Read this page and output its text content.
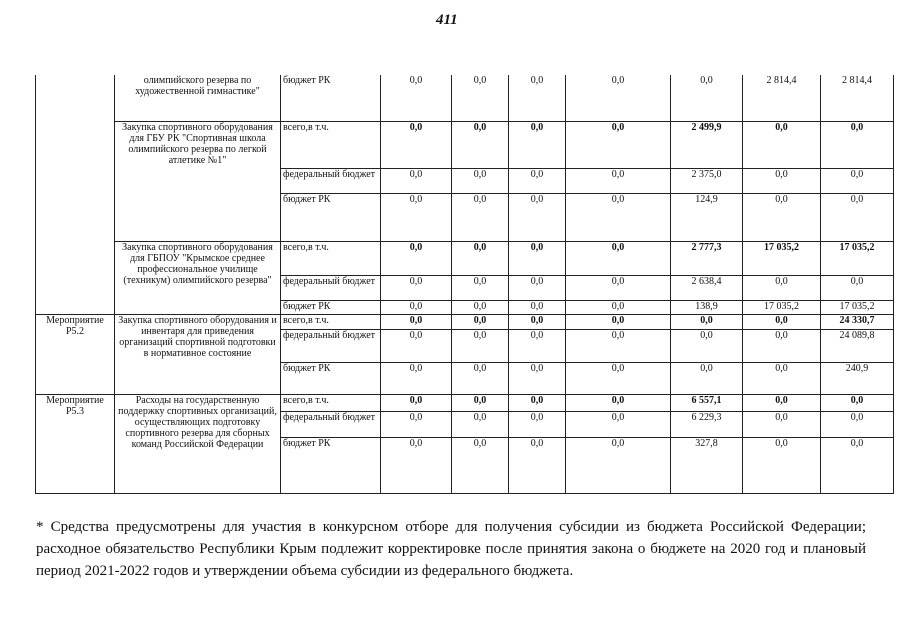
411
	олимпийского резерва по художественной гимнастике"	бюджет РК	0,0	0,0	0,0	0,0	0,0	2 814,4	2 814,4
	Закупка спортивного оборудования для ГБУ РК "Спортивная школа олимпийского резерва по легкой атлетике №1"	всего,в т.ч.	0,0	0,0	0,0	0,0	2 499,9	0,0	0,0
		федеральный бюджет	0,0	0,0	0,0	0,0	2 375,0	0,0	0,0
		бюджет РК	0,0	0,0	0,0	0,0	124,9	0,0	0,0
	Закупка спортивного оборудования для ГБПОУ "Крымское среднее профессиональное училище (техникум) олимпийского резерва"	всего,в т.ч.	0,0	0,0	0,0	0,0	2 777,3	17 035,2	17 035,2
		федеральный бюджет	0,0	0,0	0,0	0,0	2 638,4	0,0	0,0
		бюджет РК	0,0	0,0	0,0	0,0	138,9	17 035,2	17 035,2
Мероприятие Р5.2	Закупка спортивного оборудования и инвентаря для приведения организаций спортивной подготовки в нормативное состояние	всего,в т.ч.	0,0	0,0	0,0	0,0	0,0	0,0	24 330,7
		федеральный бюджет	0,0	0,0	0,0	0,0	0,0	0,0	24 089,8
		бюджет РК	0,0	0,0	0,0	0,0	0,0	0,0	240,9
Мероприятие Р5.3	Расходы на государственную поддержку спортивных организаций, осуществляющих подготовку спортивного резерва для сборных команд Российской Федерации	всего,в т.ч.	0,0	0,0	0,0	0,0	6 557,1	0,0	0,0
		федеральный бюджет	0,0	0,0	0,0	0,0	6 229,3	0,0	0,0
		бюджет РК	0,0	0,0	0,0	0,0	327,8	0,0	0,0
* Средства предусмотрены для участия в конкурсном отборе для получения субсидии из бюджета Российской Федерации; расходное обязательство Республики Крым подлежит корректировке после принятия закона о бюджете на 2020 год и плановый период 2021-2022 годов и утверждении объема субсидии из федерального бюджета.
